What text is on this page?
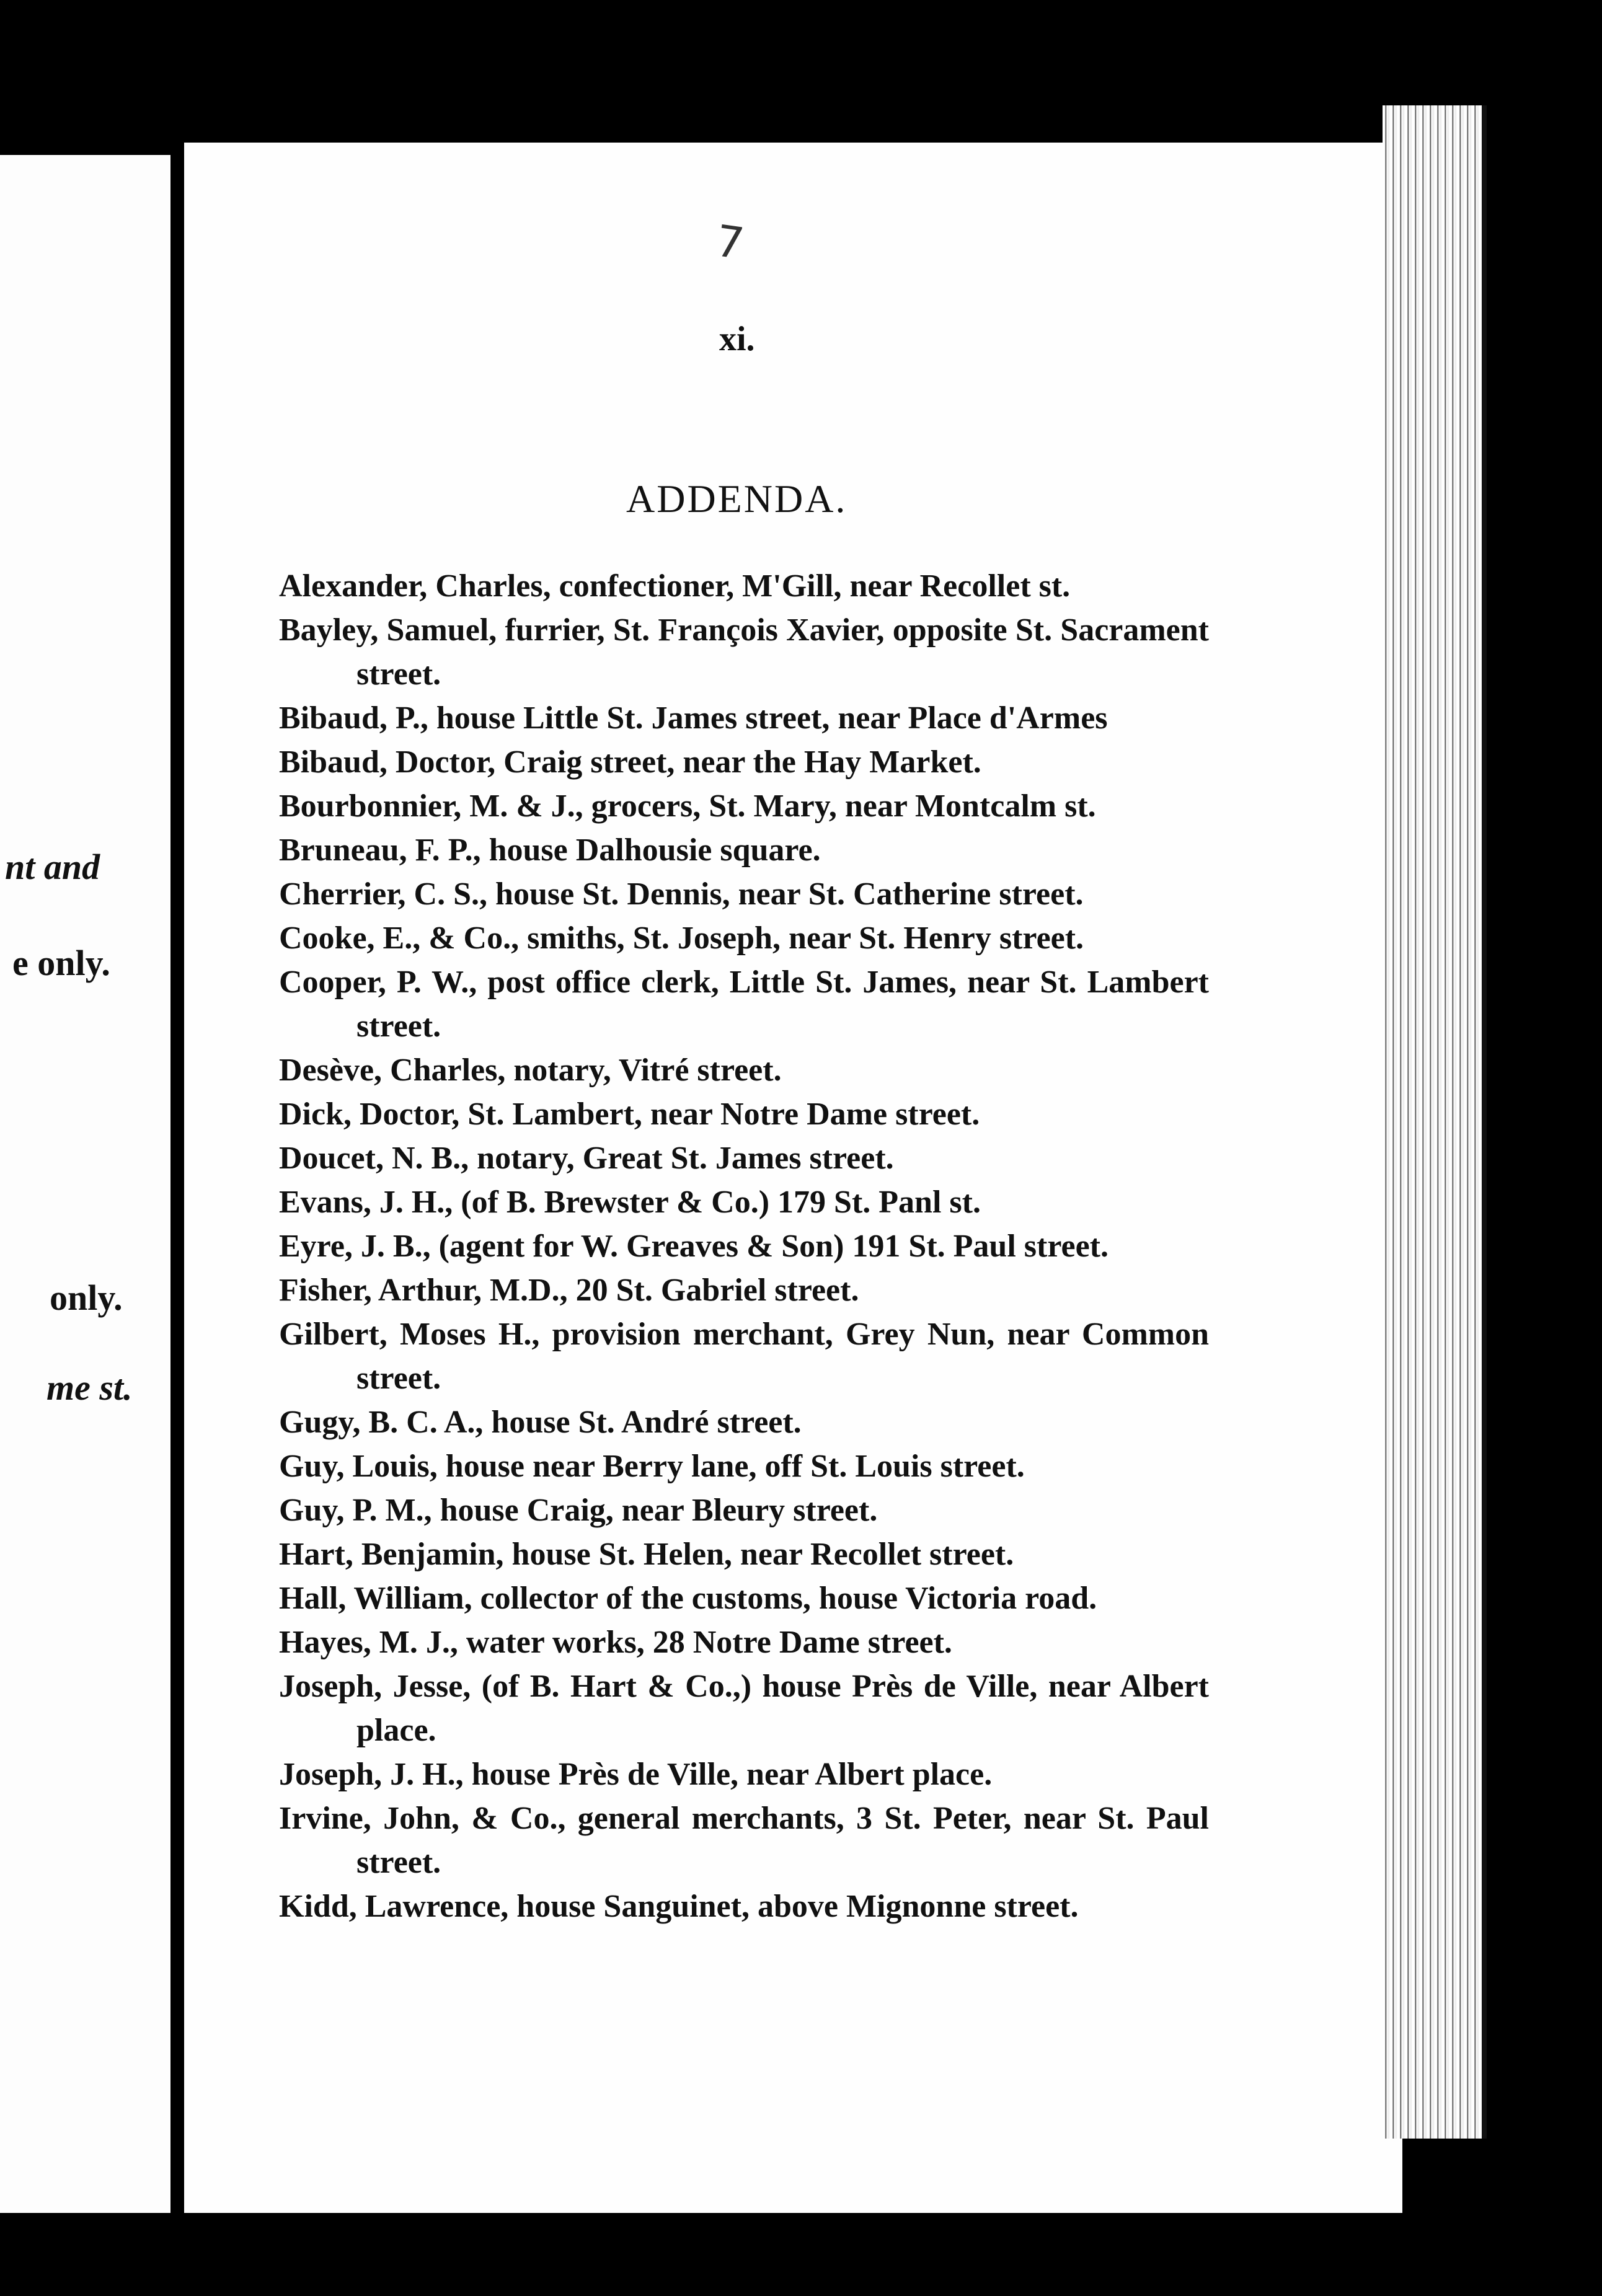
nt and
e only.
only.
me st.
7
xi.
ADDENDA.
Alexander, Charles, confectioner, M'Gill, near Recollet st.
Bayley, Samuel, furrier, St. François Xavier, opposite St. Sacrament street.
Bibaud, P., house Little St. James street, near Place d'Armes
Bibaud, Doctor, Craig street, near the Hay Market.
Bourbonnier, M. & J., grocers, St. Mary, near Montcalm st.
Bruneau, F. P., house Dalhousie square.
Cherrier, C. S., house St. Dennis, near St. Catherine street.
Cooke, E., & Co., smiths, St. Joseph, near St. Henry street.
Cooper, P. W., post office clerk, Little St. James, near St. Lambert street.
Desève, Charles, notary, Vitré street.
Dick, Doctor, St. Lambert, near Notre Dame street.
Doucet, N. B., notary, Great St. James street.
Evans, J. H., (of B. Brewster & Co.) 179 St. Panl st.
Eyre, J. B., (agent for W. Greaves & Son) 191 St. Paul street.
Fisher, Arthur, M.D., 20 St. Gabriel street.
Gilbert, Moses H., provision merchant, Grey Nun, near Common street.
Gugy, B. C. A., house St. André street.
Guy, Louis, house near Berry lane, off St. Louis street.
Guy, P. M., house Craig, near Bleury street.
Hart, Benjamin, house St. Helen, near Recollet street.
Hall, William, collector of the customs, house Victoria road.
Hayes, M. J., water works, 28 Notre Dame street.
Joseph, Jesse, (of B. Hart & Co.,) house Près de Ville, near Albert place.
Joseph, J. H., house Près de Ville, near Albert place.
Irvine, John, & Co., general merchants, 3 St. Peter, near St. Paul street.
Kidd, Lawrence, house Sanguinet, above Mignonne street.
